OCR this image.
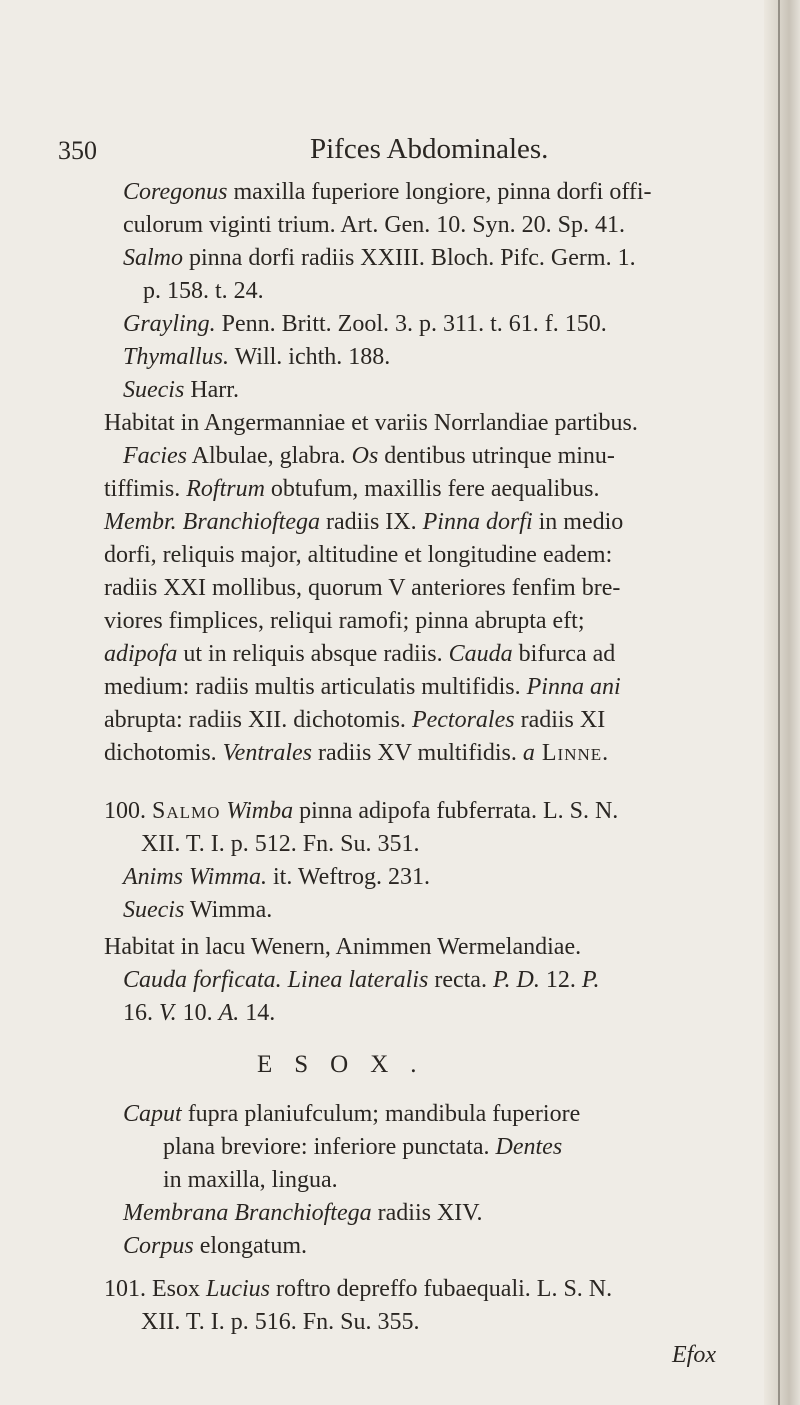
350	Pifces Abdominales.
Coregonus maxilla fuperiore longiore, pinna dorfi offi-
culorum viginti trium. Art. Gen. 10. Syn. 20. Sp. 41.
Salmo pinna dorfi radiis XXIII. Bloch. Pifc. Germ. 1.
p. 158. t. 24.
Grayling. Penn. Britt. Zool. 3. p. 311. t. 61. f. 150.
Thymallus. Will. ichth. 188.
Suecis Harr.
Habitat in Angermanniae et variis Norrlandiae partibus.
Facies Albulae, glabra. Os dentibus utrinque minu-
tiffimis. Roftrum obtufum, maxillis fere aequalibus.
Membr. Branchioftega radiis IX. Pinna dorfi in medio
dorfi, reliquis major, altitudine et longitudine eadem:
radiis XXI mollibus, quorum V anteriores fenfim bre-
viores fimplices, reliqui ramofi; pinna abrupta eft;
adipofa ut in reliquis absque radiis. Cauda bifurca ad
medium: radiis multis articulatis multifidis. Pinna ani
abrupta: radiis XII. dichotomis. Pectorales radiis XI
dichotomis. Ventrales radiis XV multifidis. a Linne.
100. Salmo Wimba pinna adipofa fubferrata. L. S. N.
XII. T. I. p. 512. Fn. Su. 351.
Anims Wimma. it. Weftrog. 231.
Suecis Wimma.
Habitat in lacu Wenern, Animmen Wermelandiae.
Cauda forficata. Linea lateralis recta. P. D. 12. P.
16. V. 10. A. 14.
ESOX.
Caput fupra planiufculum; mandibula fuperiore
plana breviore: inferiore punctata. Dentes
in maxilla, lingua.
Membrana Branchioftega radiis XIV.
Corpus elongatum.
101. Esox Lucius roftro depreffo fubaequali. L. S. N.
XII. T. I. p. 516. Fn. Su. 355.
Efox
